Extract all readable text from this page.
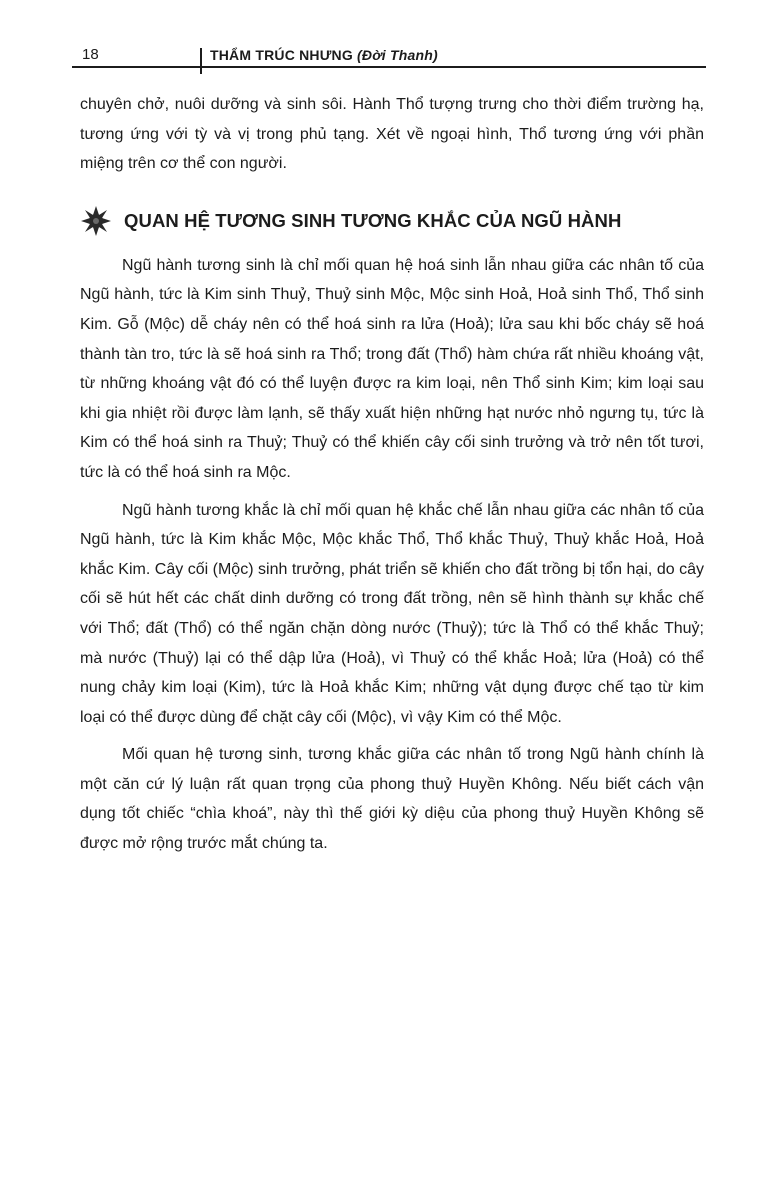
18	THẨM TRÚC NHƯNG (Đời Thanh)

chuyên chở, nuôi dưỡng và sinh sôi. Hành Thổ tượng trưng cho thời điểm trường hạ, tương ứng với tỳ và vị trong phủ tạng. Xét về ngoại hình, Thổ tương ứng với phần miệng trên cơ thể con người.

QUAN HỆ TƯƠNG SINH TƯƠNG KHẮC CỦA NGŨ HÀNH

Ngũ hành tương sinh là chỉ mối quan hệ hoá sinh lẫn nhau giữa các nhân tố của Ngũ hành, tức là Kim sinh Thuỷ, Thuỷ sinh Mộc, Mộc sinh Hoả, Hoả sinh Thổ, Thổ sinh Kim. Gỗ (Mộc) dễ cháy nên có thể hoá sinh ra lửa (Hoả); lửa sau khi bốc cháy sẽ hoá thành tàn tro, tức là sẽ hoá sinh ra Thổ; trong đất (Thổ) hàm chứa rất nhiều khoáng vật, từ những khoáng vật đó có thể luyện được ra kim loại, nên Thổ sinh Kim; kim loại sau khi gia nhiệt rồi được làm lạnh, sẽ thấy xuất hiện những hạt nước nhỏ ngưng tụ, tức là Kim có thể hoá sinh ra Thuỷ; Thuỷ có thể khiến cây cối sinh trưởng và trở nên tốt tươi, tức là có thể hoá sinh ra Mộc.

Ngũ hành tương khắc là chỉ mối quan hệ khắc chế lẫn nhau giữa các nhân tố của Ngũ hành, tức là Kim khắc Mộc, Mộc khắc Thổ, Thổ khắc Thuỷ, Thuỷ khắc Hoả, Hoả khắc Kim. Cây cối (Mộc) sinh trưởng, phát triển sẽ khiến cho đất trồng bị tổn hại, do cây cối sẽ hút hết các chất dinh dưỡng có trong đất trồng, nên sẽ hình thành sự khắc chế với Thổ; đất (Thổ) có thể ngăn chặn dòng nước (Thuỷ); tức là Thổ có thể khắc Thuỷ; mà nước (Thuỷ) lại có thể dập lửa (Hoả), vì Thuỷ có thể khắc Hoả; lửa (Hoả) có thể nung chảy kim loại (Kim), tức là Hoả khắc Kim; những vật dụng được chế tạo từ kim loại có thể được dùng để chặt cây cối (Mộc), vì vậy Kim có thể Mộc.

Mối quan hệ tương sinh, tương khắc giữa các nhân tố trong Ngũ hành chính là một căn cứ lý luận rất quan trọng của phong thuỷ Huyền Không. Nếu biết cách vận dụng tốt chiếc “chìa khoá”, này thì thế giới kỳ diệu của phong thuỷ Huyền Không sẽ được mở rộng trước mắt chúng ta.
